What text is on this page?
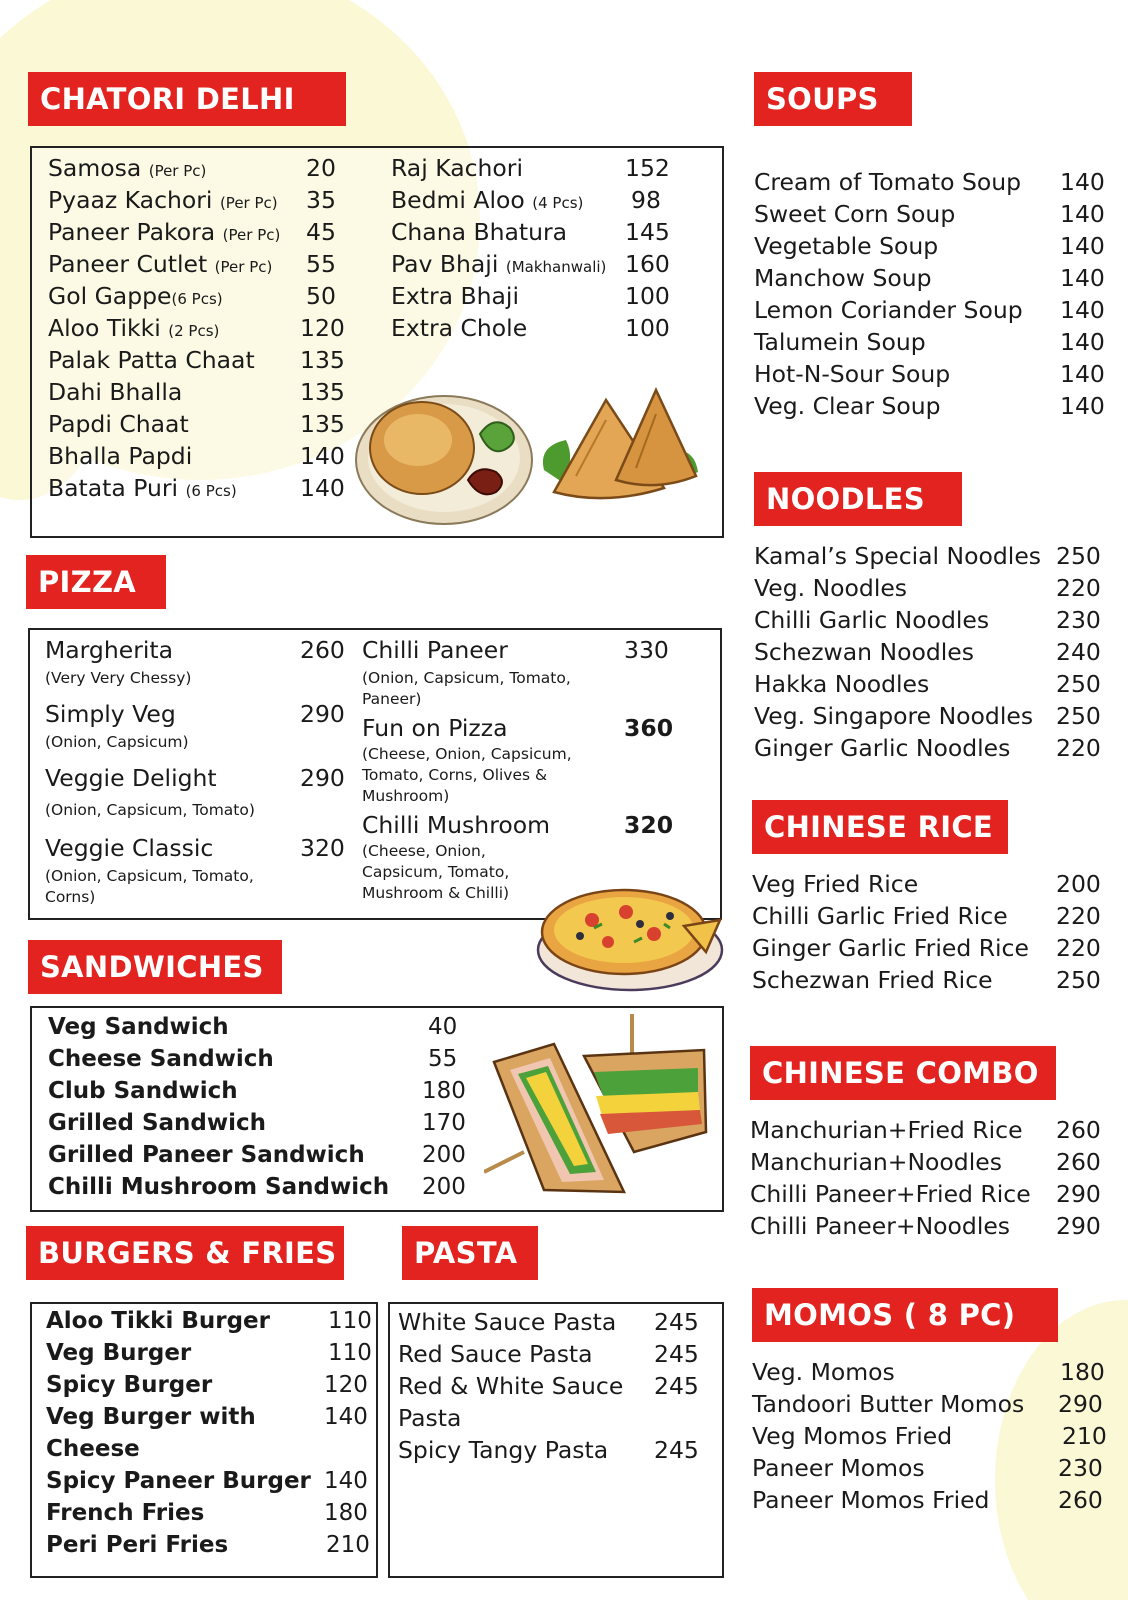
CHATORI DELHI
Samosa (Per Pc)	20
Pyaaz Kachori (Per Pc) 35
Paneer Pakora (Per Pc) 45
Paneer Cutlet (Per Pc) 55
Gol Gappe(6 Pcs)	50
Aloo Tikki (2 Pcs)	120
Palak Patta Chaat 135
Dahi Bhalla	135
Papdi Chaat	135
Bhalla Papdi	140
Batata Puri (6 Pcs)	140
Raj Kachori	152
Bedmi Aloo (4 Pcs) 98
Chana Bhatura 145
Pav Bhaji (Makhanwali) 160
Extra Bhaji	100
Extra Chole	100
PIZZA
Margherita	260
(Very Very Chessy)
Simply Veg	290
(Onion, Capsicum)
Veggie Delight	290
(Onion, Capsicum, Tomato)
Veggie Classic	320
(Onion, Capsicum, Tomato,
Corns)
Chilli Paneer	330
(Onion, Capsicum, Tomato,
Paneer)
Fun on Pizza	360
(Cheese, Onion, Capsicum,
Tomato, Corns, Olives &
Mushroom)
Chilli Mushroom	320
(Cheese, Onion,
Capsicum, Tomato,
Mushroom & Chilli)
SANDWICHES
Veg Sandwich	40
Cheese Sandwich	55
Club Sandwich	180
Grilled Sandwich	170
Grilled Paneer Sandwich 200
Chilli Mushroom Sandwich 200
BURGERS & FRIES
Aloo Tikki Burger	110
Veg Burger	110
Spicy Burger	120
Veg Burger with	140
Cheese
Spicy Paneer Burger 140
French Fries	180
Peri Peri Fries	210
PASTA
White Sauce Pasta 245
Red Sauce Pasta	245
Red & White Sauce 245
Pasta
Spicy Tangy Pasta 245
SOUPS
Cream of Tomato Soup 140
Sweet Corn Soup	140
Vegetable Soup	140
Manchow Soup	140
Lemon Coriander Soup 140
Talumein Soup	140
Hot-N-Sour Soup	140
Veg. Clear Soup	140
NOODLES
Kamal’s Special Noodles 250
Veg. Noodles	220
Chilli Garlic Noodles	230
Schezwan Noodles	240
Hakka Noodles	250
Veg. Singapore Noodles 250
Ginger Garlic Noodles 220
CHINESE RICE
Veg Fried Rice	200
Chilli Garlic Fried Rice 220
Ginger Garlic Fried Rice 220
Schezwan Fried Rice	250
CHINESE COMBO
Manchurian+Fried Rice 260
Manchurian+Noodles 260
Chilli Paneer+Fried Rice 290
Chilli Paneer+Noodles 290
MOMOS ( 8 PC)
Veg. Momos	180
Tandoori Butter Momos 290
Veg Momos Fried	210
Paneer Momos	230
Paneer Momos Fried	260
